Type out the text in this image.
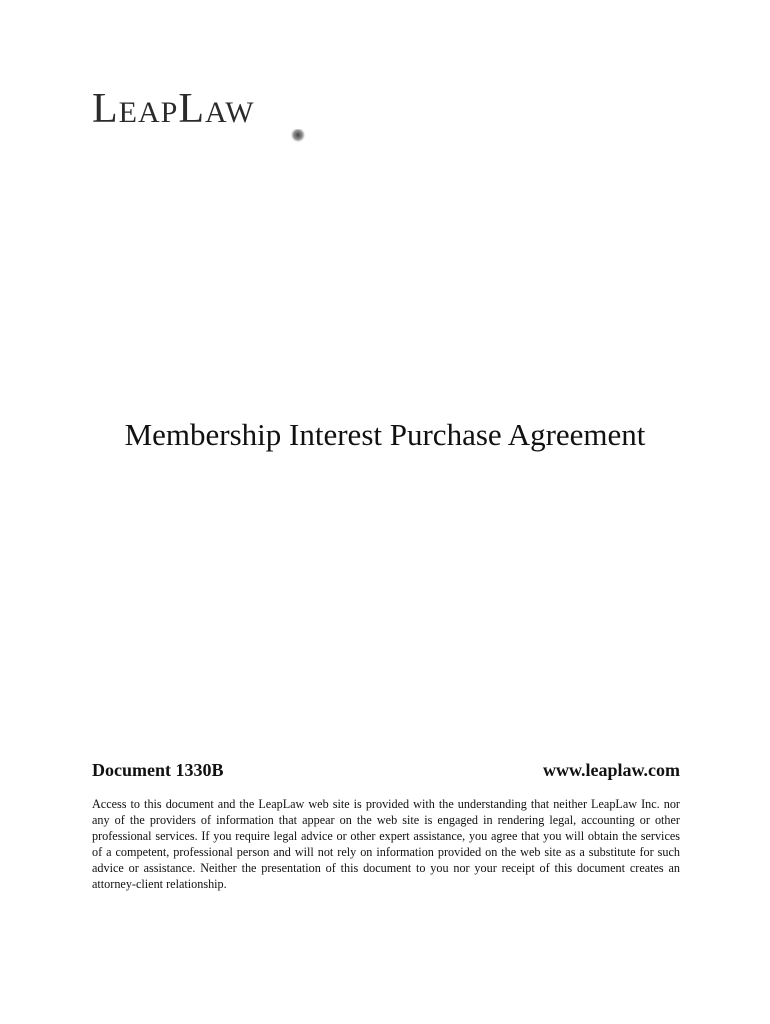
LEAPLAW
Membership Interest Purchase Agreement
Document 1330B	www.leaplaw.com

Access to this document and the LeapLaw web site is provided with the understanding that neither LeapLaw Inc. nor any of the providers of information that appear on the web site is engaged in rendering legal, accounting or other professional services. If you require legal advice or other expert assistance, you agree that you will obtain the services of a competent, professional person and will not rely on information provided on the web site as a substitute for such advice or assistance. Neither the presentation of this document to you nor your receipt of this document creates an attorney-client relationship.
